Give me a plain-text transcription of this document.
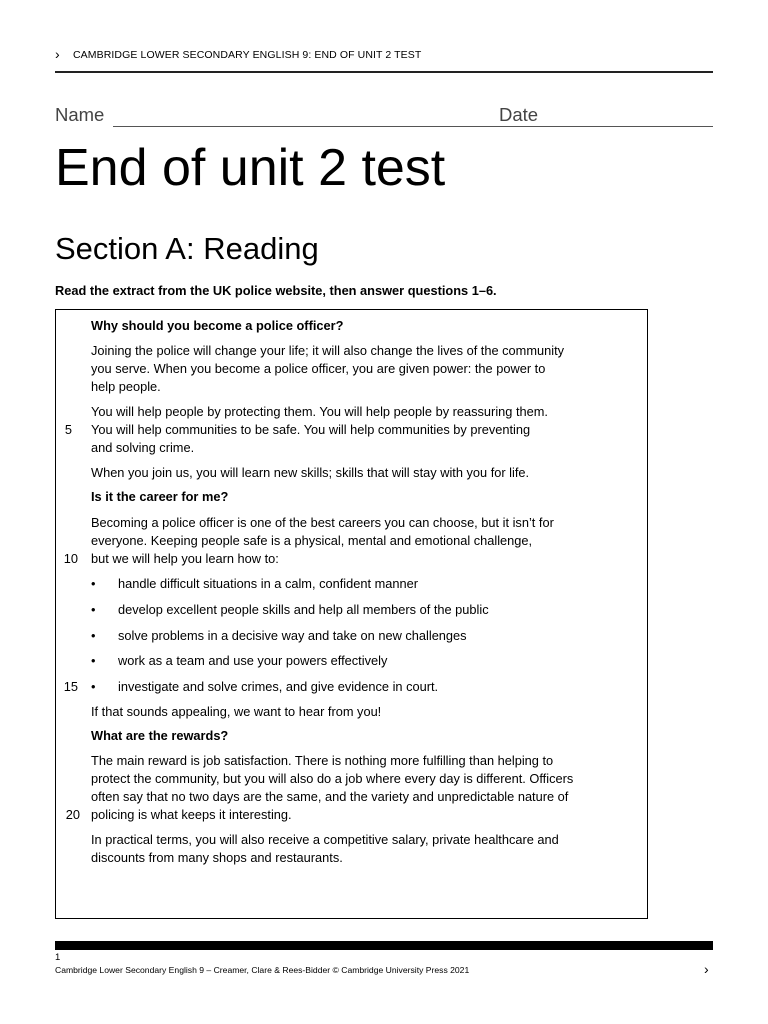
› CAMBRIDGE LOWER SECONDARY ENGLISH 9: END OF UNIT 2 TEST
Name	Date
End of unit 2 test
Section A: Reading
Read the extract from the UK police website, then answer questions 1–6.
Why should you become a police officer?
Joining the police will change your life; it will also change the lives of the community
you serve. When you become a police officer, you are given power: the power to
help people.
You will help people by protecting them. You will help people by reassuring them.
You will help communities to be safe. You will help communities by preventing
and solving crime.
5
When you join us, you will learn new skills; skills that will stay with you for life.
Is it the career for me?
Becoming a police officer is one of the best careers you can choose, but it isn’t for
everyone. Keeping people safe is a physical, mental and emotional challenge,
but we will help you learn how to:
10
• handle difficult situations in a calm, confident manner
• develop excellent people skills and help all members of the public
• solve problems in a decisive way and take on new challenges
• work as a team and use your powers effectively
• investigate and solve crimes, and give evidence in court.
15
If that sounds appealing, we want to hear from you!
What are the rewards?
The main reward is job satisfaction. There is nothing more fulfilling than helping to
protect the community, but you will also do a job where every day is different. Officers
often say that no two days are the same, and the variety and unpredictable nature of
policing is what keeps it interesting.
20
In practical terms, you will also receive a competitive salary, private healthcare and
discounts from many shops and restaurants.
1
Cambridge Lower Secondary English 9 – Creamer, Clare & Rees-Bidder © Cambridge University Press 2021	›
